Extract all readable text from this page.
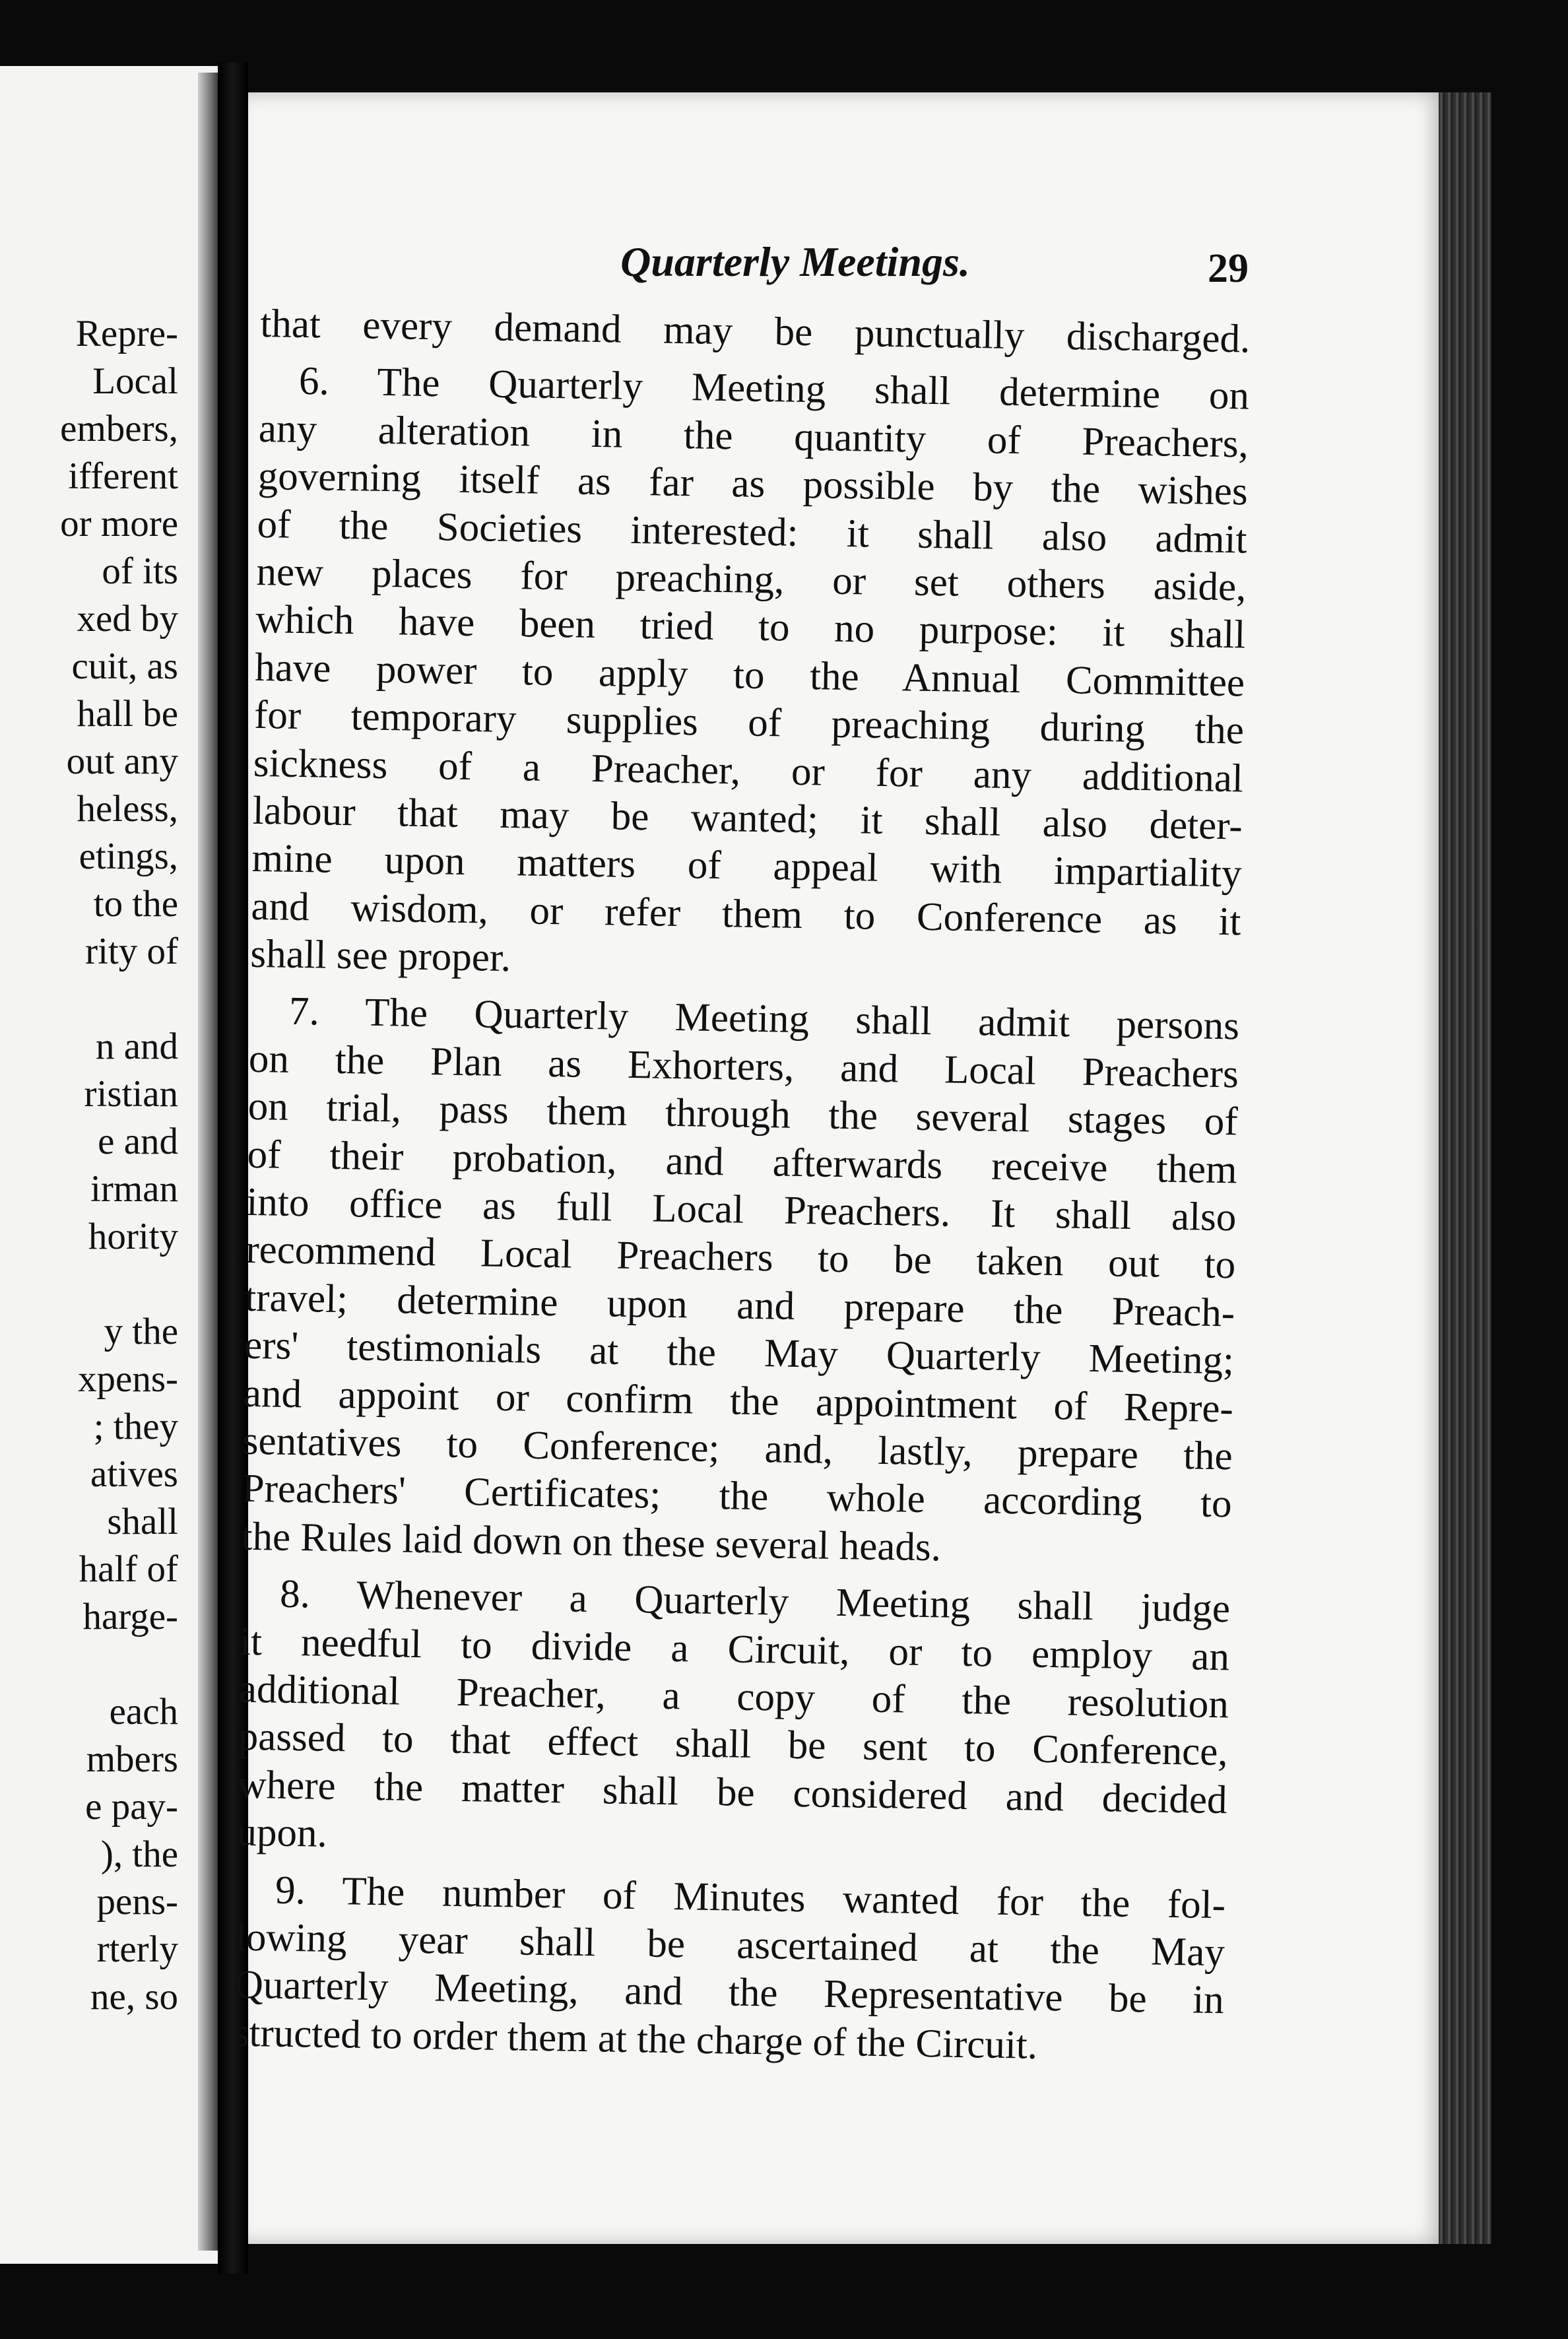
Repre-
Local
embers,
ifferent
or more
of its
xed by
cuit, as
hall be
out any
heless,
etings,
to the
rity of
n and
ristian
e and
irman
hority
y the
xpens-
; they
atives
shall
half of
harge-
each
mbers
e pay-
), the
pens-
rterly
ne, so
Quarterly Meetings.	29
that every demand may be punctually discharged.
6. The Quarterly Meeting shall determine on
any alteration in the quantity of Preachers,
governing itself as far as possible by the wishes
of the Societies interested: it shall also admit
new places for preaching, or set others aside,
which have been tried to no purpose: it shall
have power to apply to the Annual Committee
for temporary supplies of preaching during the
sickness of a Preacher, or for any additional
labour that may be wanted; it shall also deter-
mine upon matters of appeal with impartiality
and wisdom, or refer them to Conference as it
shall see proper.
7. The Quarterly Meeting shall admit persons
on the Plan as Exhorters, and Local Preachers
on trial, pass them through the several stages of
of their probation, and afterwards receive them
into office as full Local Preachers. It shall also
recommend Local Preachers to be taken out to
travel; determine upon and prepare the Preach-
ers' testimonials at the May Quarterly Meeting;
and appoint or confirm the appointment of Repre-
sentatives to Conference; and, lastly, prepare the
Preachers' Certificates; the whole according to
the Rules laid down on these several heads.
8. Whenever a Quarterly Meeting shall judge
it needful to divide a Circuit, or to employ an
additional Preacher, a copy of the resolution
passed to that effect shall be sent to Conference,
where the matter shall be considered and decided
upon.
9. The number of Minutes wanted for the fol-
lowing year shall be ascertained at the May
Quarterly Meeting, and the Representative be in
structed to order them at the charge of the Circuit.
